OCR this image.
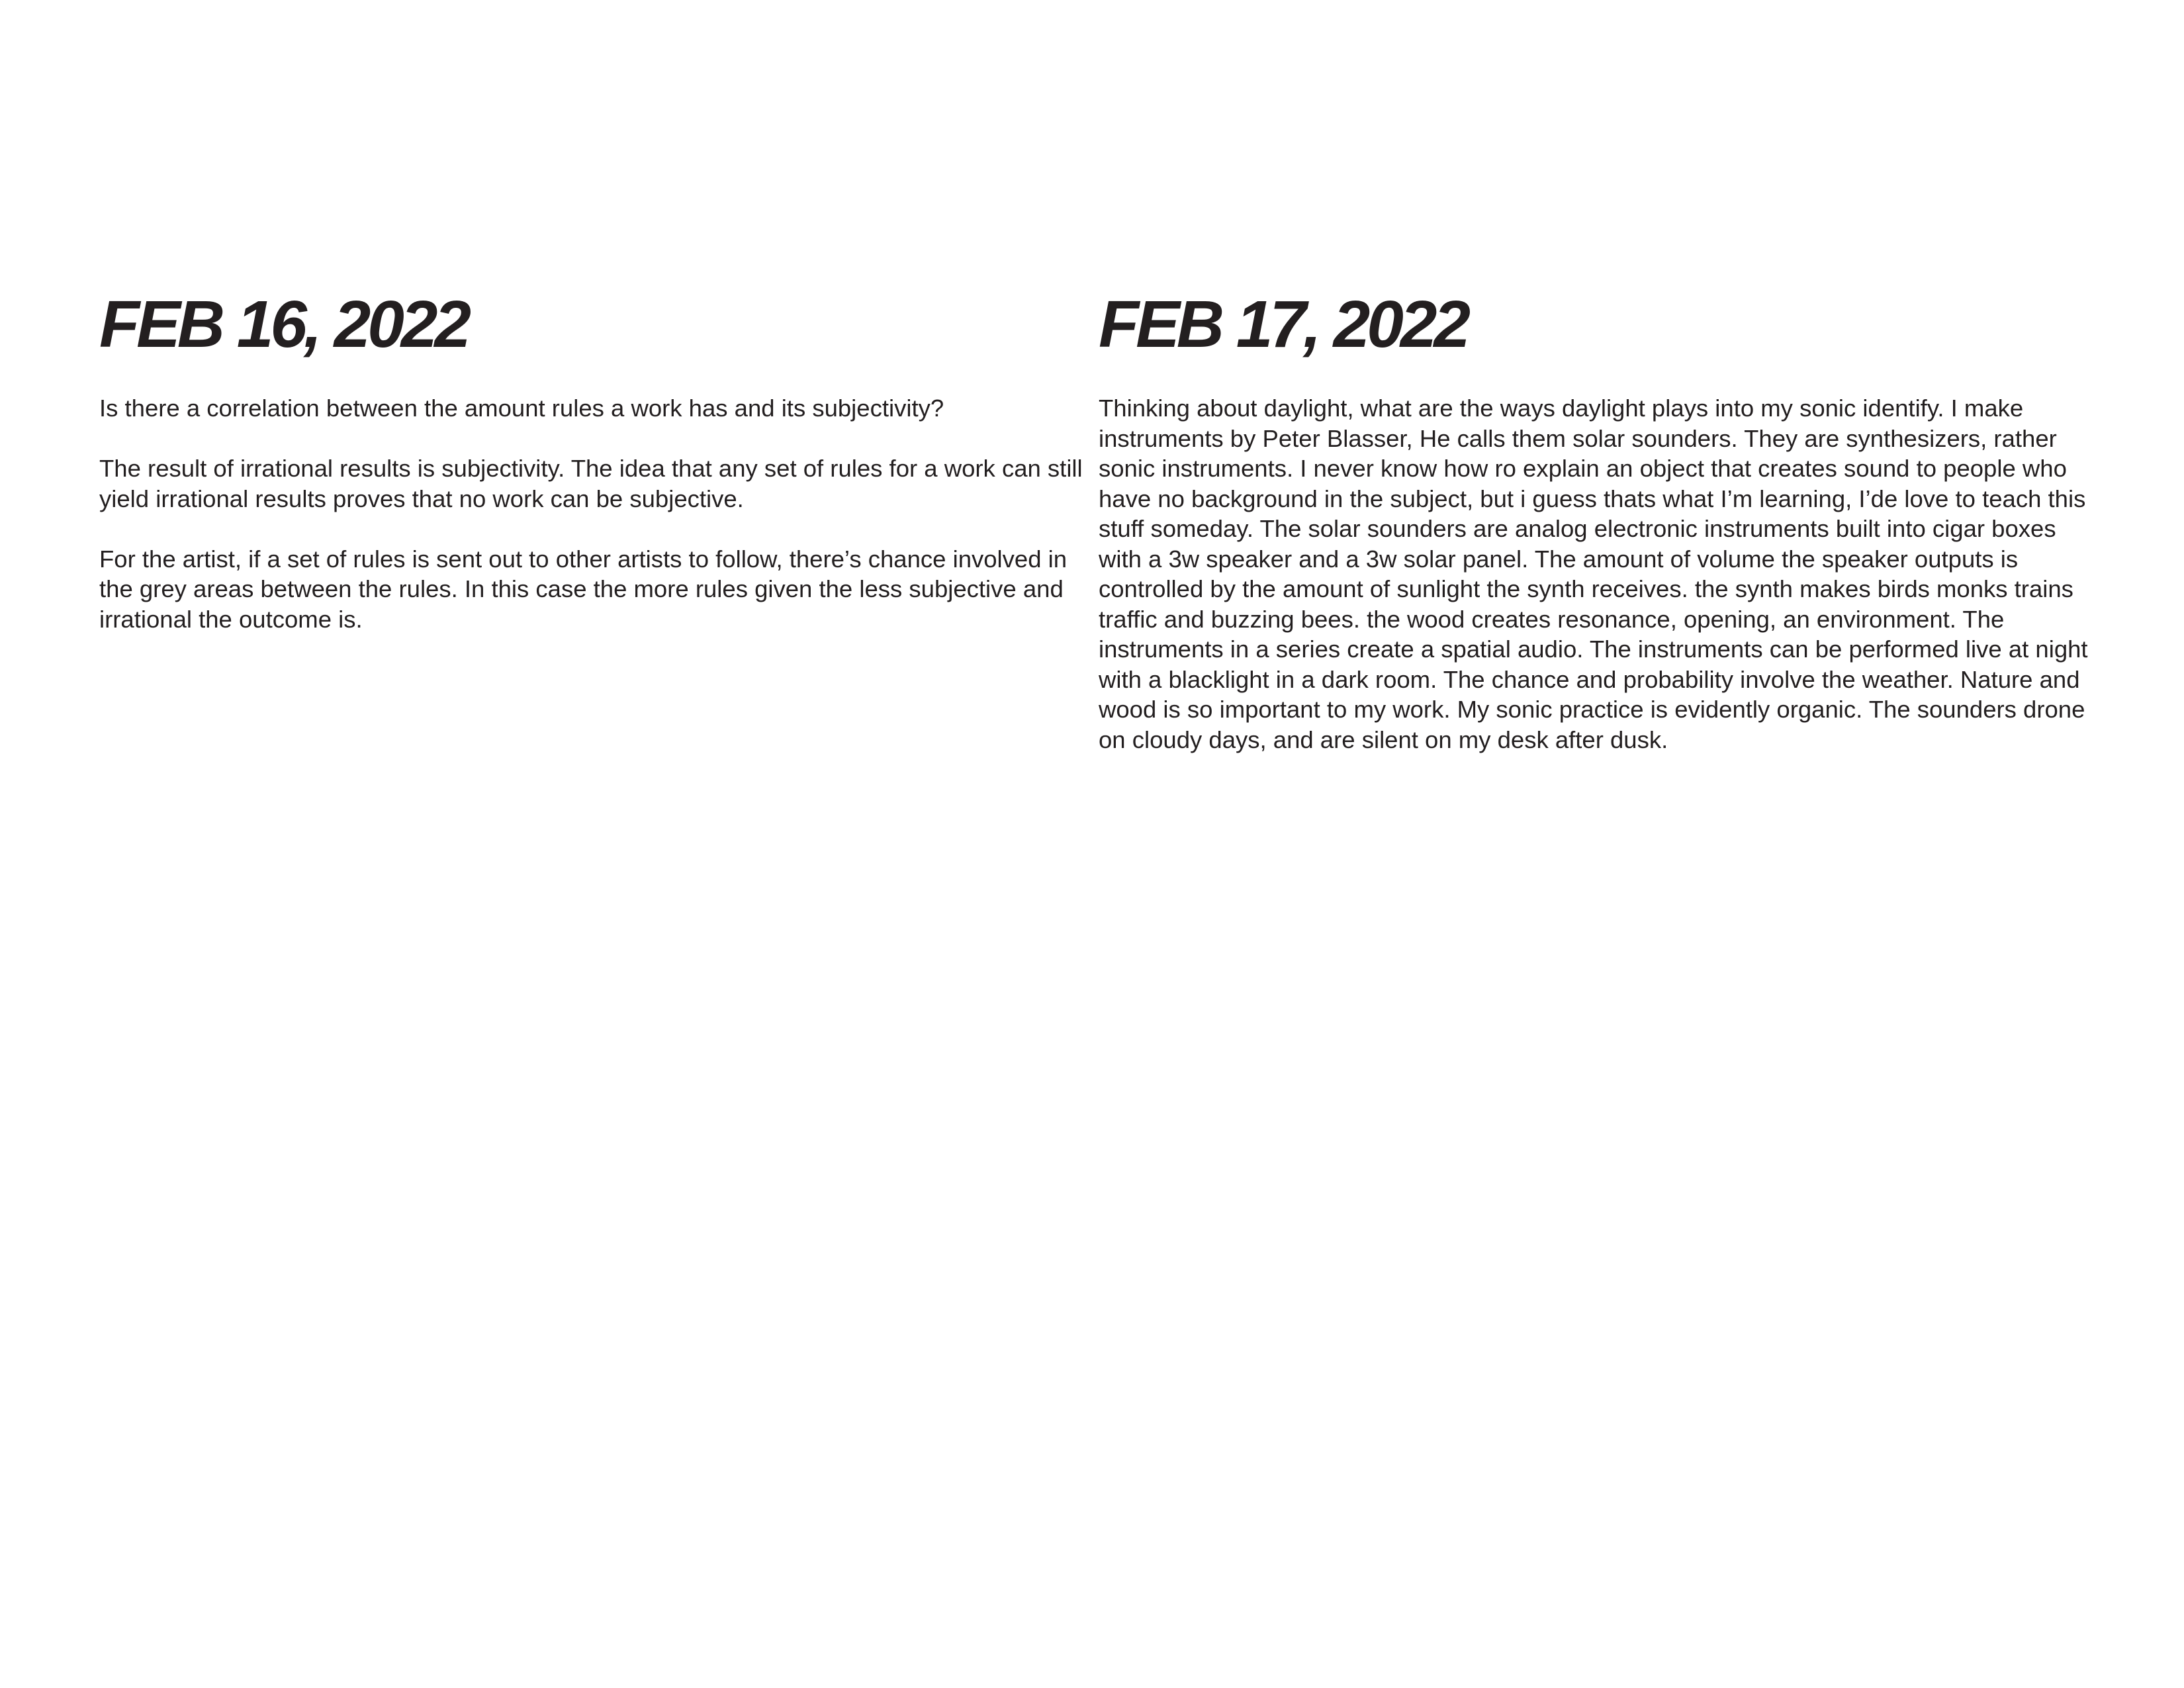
FEB 16, 2022

Is there a correlation between the amount rules a work has and its subjectivity?

The result of irrational results is subjectivity. The idea that any set of rules for a work can still yield irrational results proves that no work can be subjective.

For the artist, if a set of rules is sent out to other artists to follow, there’s chance involved in the grey areas between the rules. In this case the more rules given the less subjective and irrational the outcome is.

FEB 17, 2022

Thinking about daylight, what are the ways daylight plays into my sonic identify. I make instruments by Peter Blasser, He calls them solar sounders. They are synthesizers, rather sonic instruments. I never know how ro explain an object that creates sound to people who have no background in the subject, but i guess thats what I’m learning, I’de love to teach this stuff someday. The solar sounders are analog electronic instruments built into cigar boxes with a 3w speaker and a 3w solar panel. The amount of volume the speaker outputs is controlled by the amount of sunlight the synth receives. the synth makes birds monks trains traffic and buzzing bees. the wood creates resonance, opening, an environment. The instruments in a series create a spatial audio. The instruments can be performed live at night with a blacklight in a dark room. The chance and probability involve the weather. Nature and wood is so important to my work. My sonic practice is evidently organic. The sounders drone on cloudy days, and are silent on my desk after dusk.
